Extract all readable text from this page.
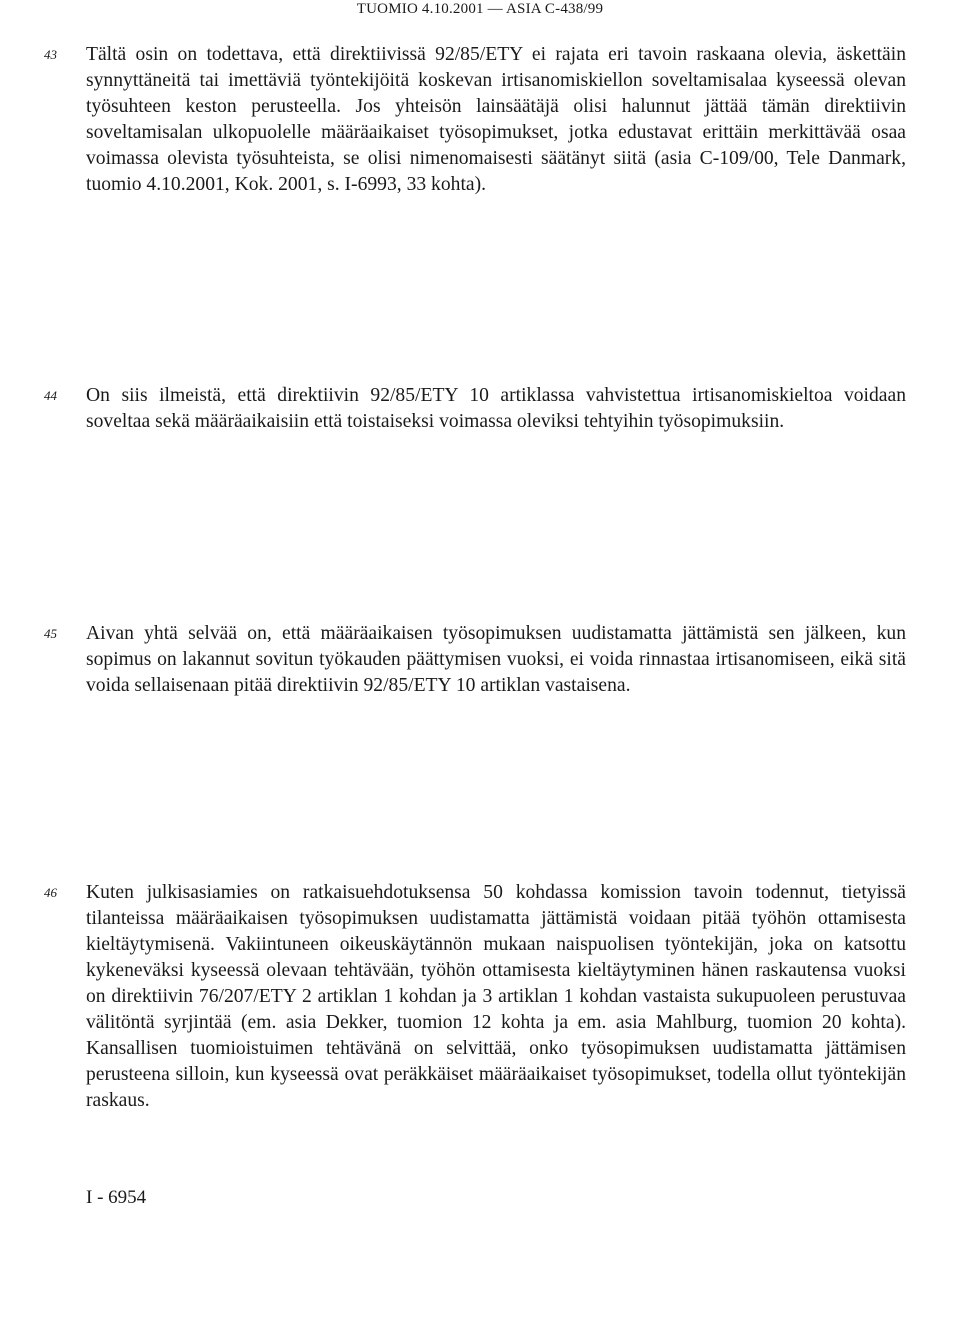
TUOMIO 4.10.2001 — ASIA C-438/99
43 Tältä osin on todettava, että direktiivissä 92/85/ETY ei rajata eri tavoin raskaana olevia, äskettäin synnyttäneitä tai imettäviä työntekijöitä koskevan irtisanomiskiellon soveltamisalaa kyseessä olevan työsuhteen keston perusteella. Jos yhteisön lainsäätäjä olisi halunnut jättää tämän direktiivin soveltamisalan ulkopuolelle määräaikaiset työsopimukset, jotka edustavat erittäin merkittävää osaa voimassa olevista työsuhteista, se olisi nimenomaisesti säätänyt siitä (asia C-109/00, Tele Danmark, tuomio 4.10.2001, Kok. 2001, s. I-6993, 33 kohta).

44 On siis ilmeistä, että direktiivin 92/85/ETY 10 artiklassa vahvistettua irtisanomiskieltoa voidaan soveltaa sekä määräaikaisiin että toistaiseksi voimassa oleviksi tehtyihin työsopimuksiin.

45 Aivan yhtä selvää on, että määräaikaisen työsopimuksen uudistamatta jättämistä sen jälkeen, kun sopimus on lakannut sovitun työkauden päättymisen vuoksi, ei voida rinnastaa irtisanomiseen, eikä sitä voida sellaisenaan pitää direktiivin 92/85/ETY 10 artiklan vastaisena.

46 Kuten julkisasiamies on ratkaisuehdotuksensa 50 kohdassa komission tavoin todennut, tietyissä tilanteissa määräaikaisen työsopimuksen uudistamatta jättämistä voidaan pitää työhön ottamisesta kieltäytymisenä. Vakiintuneen oikeuskäytännön mukaan naispuolisen työntekijän, joka on katsottu kykeneväksi kyseessä olevaan tehtävään, työhön ottamisesta kieltäytyminen hänen raskautensa vuoksi on direktiivin 76/207/ETY 2 artiklan 1 kohdan ja 3 artiklan 1 kohdan vastaista sukupuoleen perustuvaa välitöntä syrjintää (em. asia Dekker, tuomion 12 kohta ja em. asia Mahlburg, tuomion 20 kohta). Kansallisen tuomioistuimen tehtävänä on selvittää, onko työsopimuksen uudistamatta jättämisen perusteena silloin, kun kyseessä ovat peräkkäiset määräaikaiset työsopimukset, todella ollut työntekijän raskaus.

I - 6954
